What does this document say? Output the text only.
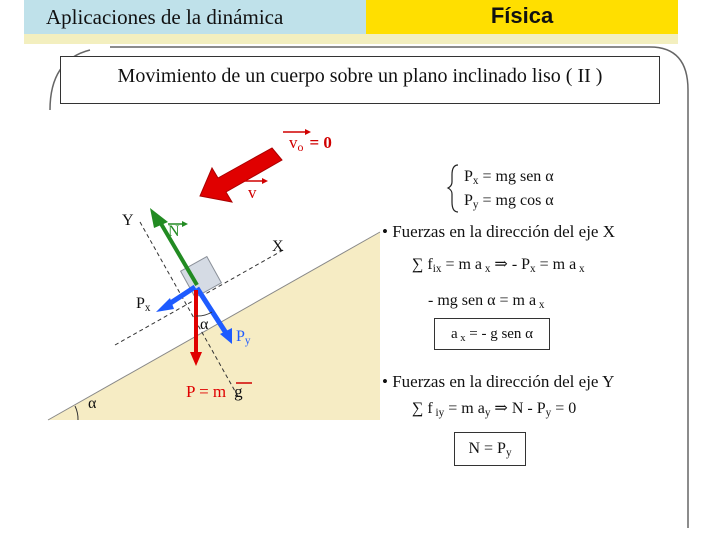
Aplicaciones de la dinámica	Física
Movimiento de un cuerpo sobre un plano inclinado liso ( II )
$v_o = 0$
v
Y
X
N
$P_x$
$P_y$
α
α
P = m g
$P_x$ = mg sen α
$P_y$ = mg cos α
• Fuerzas en la dirección del eje X
∑ $f_{ix} = m$ a $_x$ ⇒ - $P_x = m$ a $_x$
- mg sen α = m a $_x$
a $_x$ = - g sen α
• Fuerzas en la dirección del eje Y
∑ f $_{iy}$ = m $a_y$ ⇒ $N - P_y = 0$
$N = P_y$
